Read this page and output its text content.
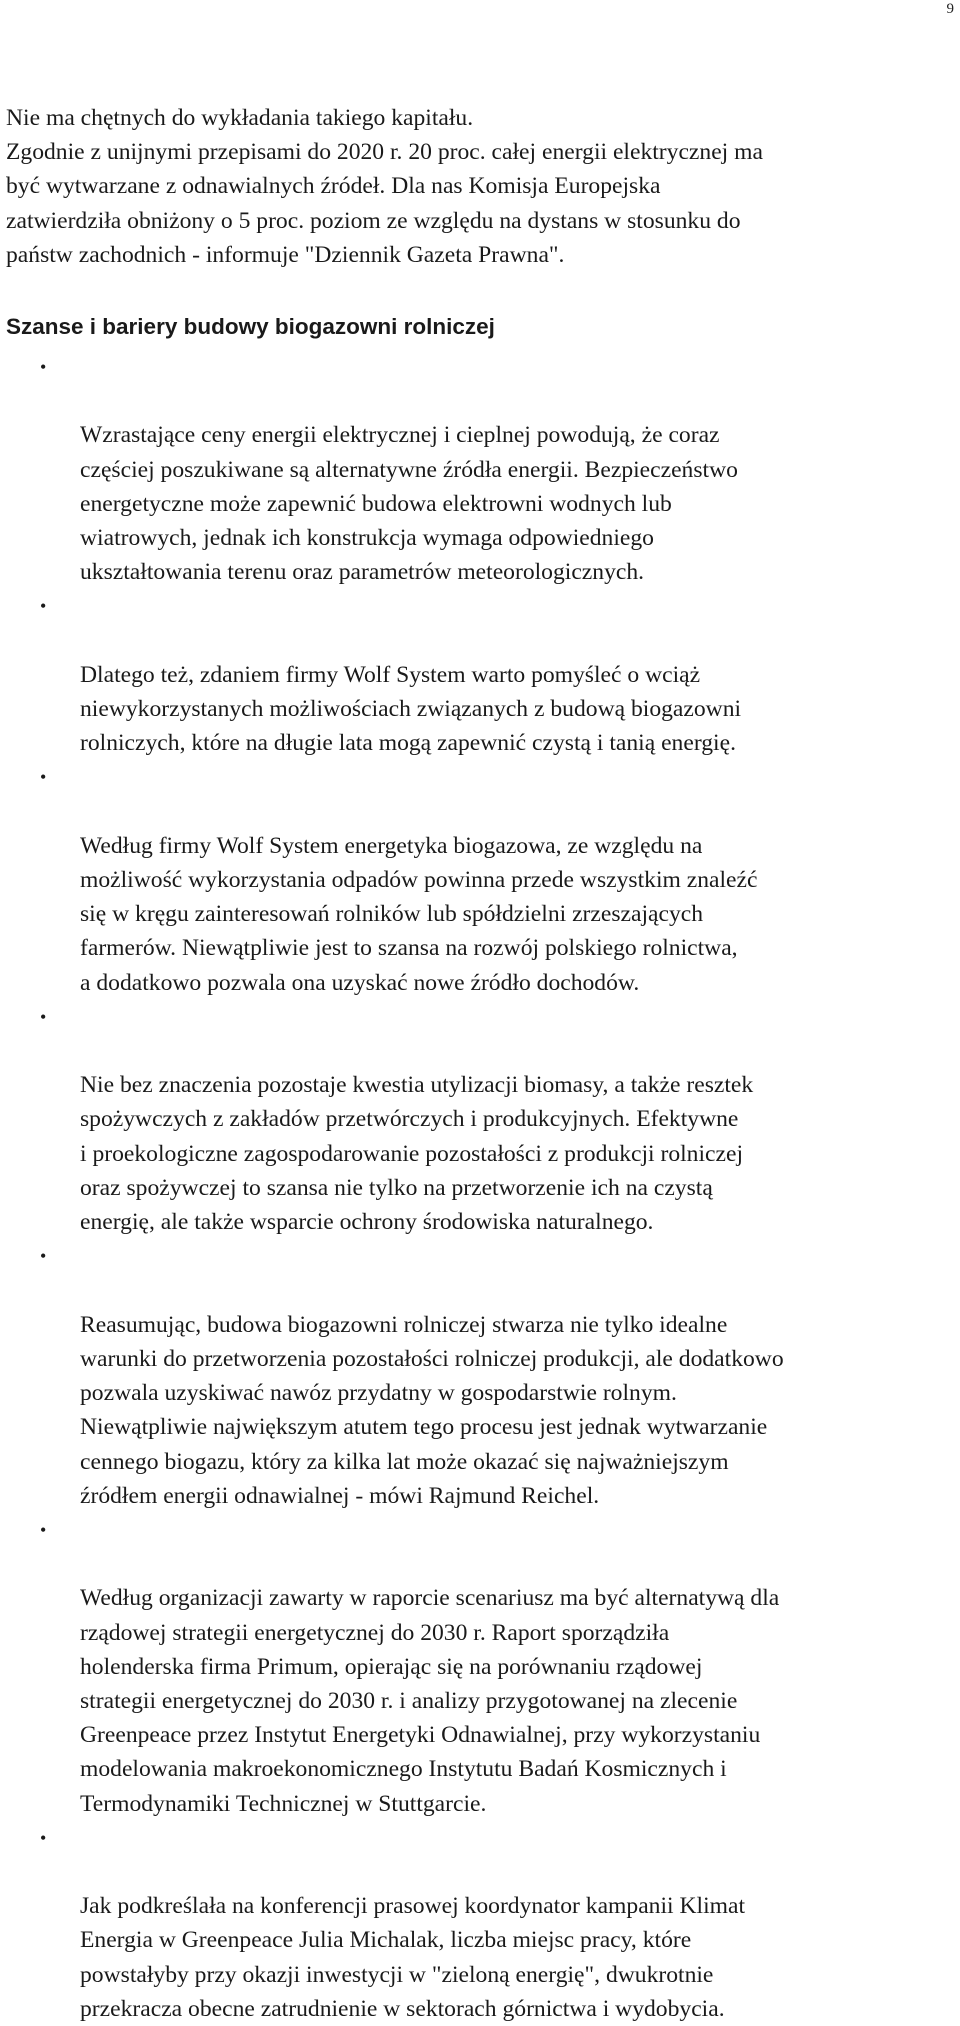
9

Nie ma chętnych do wykładania takiego kapitału.
Zgodnie z unijnymi przepisami do 2020 r. 20 proc. całej energii elektrycznej ma
być wytwarzane z odnawialnych źródeł. Dla nas Komisja Europejska
zatwierdziła obniżony o 5 proc. poziom ze względu na dystans w stosunku do
państw zachodnich - informuje "Dziennik Gazeta Prawna".

Szanse i bariery budowy biogazowni rolniczej

•

Wzrastające ceny energii elektrycznej i cieplnej powodują, że coraz
częściej poszukiwane są alternatywne źródła energii. Bezpieczeństwo
energetyczne może zapewnić budowa elektrowni wodnych lub
wiatrowych, jednak ich konstrukcja wymaga odpowiedniego
ukształtowania terenu oraz parametrów meteorologicznych.

•

Dlatego też, zdaniem firmy Wolf System warto pomyśleć o wciąż
niewykorzystanych możliwościach związanych z budową biogazowni
rolniczych, które na długie lata mogą zapewnić czystą i tanią energię.

•

Według firmy Wolf System energetyka biogazowa, ze względu na
możliwość wykorzystania odpadów powinna przede wszystkim znaleźć
się w kręgu zainteresowań rolników lub spółdzielni zrzeszających
farmerów. Niewątpliwie jest to szansa na rozwój polskiego rolnictwa,
a dodatkowo pozwala ona uzyskać nowe źródło dochodów.

•

Nie bez znaczenia pozostaje kwestia utylizacji biomasy, a także resztek
spożywczych z zakładów przetwórczych i produkcyjnych. Efektywne
i proekologiczne zagospodarowanie pozostałości z produkcji rolniczej
oraz spożywczej to szansa nie tylko na przetworzenie ich na czystą
energię, ale także wsparcie ochrony środowiska naturalnego.

•

Reasumując, budowa biogazowni rolniczej stwarza nie tylko idealne
warunki do przetworzenia pozostałości rolniczej produkcji, ale dodatkowo
pozwala uzyskiwać nawóz przydatny w gospodarstwie rolnym.
Niewątpliwie największym atutem tego procesu jest jednak wytwarzanie
cennego biogazu, który za kilka lat może okazać się najważniejszym
źródłem energii odnawialnej - mówi Rajmund Reichel.

•

Według organizacji zawarty w raporcie scenariusz ma być alternatywą dla
rządowej strategii energetycznej do 2030 r. Raport sporządziła
holenderska firma Primum, opierając się na porównaniu rządowej
strategii energetycznej do 2030 r. i analizy przygotowanej na zlecenie
Greenpeace przez Instytut Energetyki Odnawialnej, przy wykorzystaniu
modelowania makroekonomicznego Instytutu Badań Kosmicznych i
Termodynamiki Technicznej w Stuttgarcie.

•

Jak podkreślała na konferencji prasowej koordynator kampanii Klimat
Energia w Greenpeace Julia Michalak, liczba miejsc pracy, które
powstałyby przy okazji inwestycji w "zieloną energię", dwukrotnie
przekracza obecne zatrudnienie w sektorach górnictwa i wydobycia.
